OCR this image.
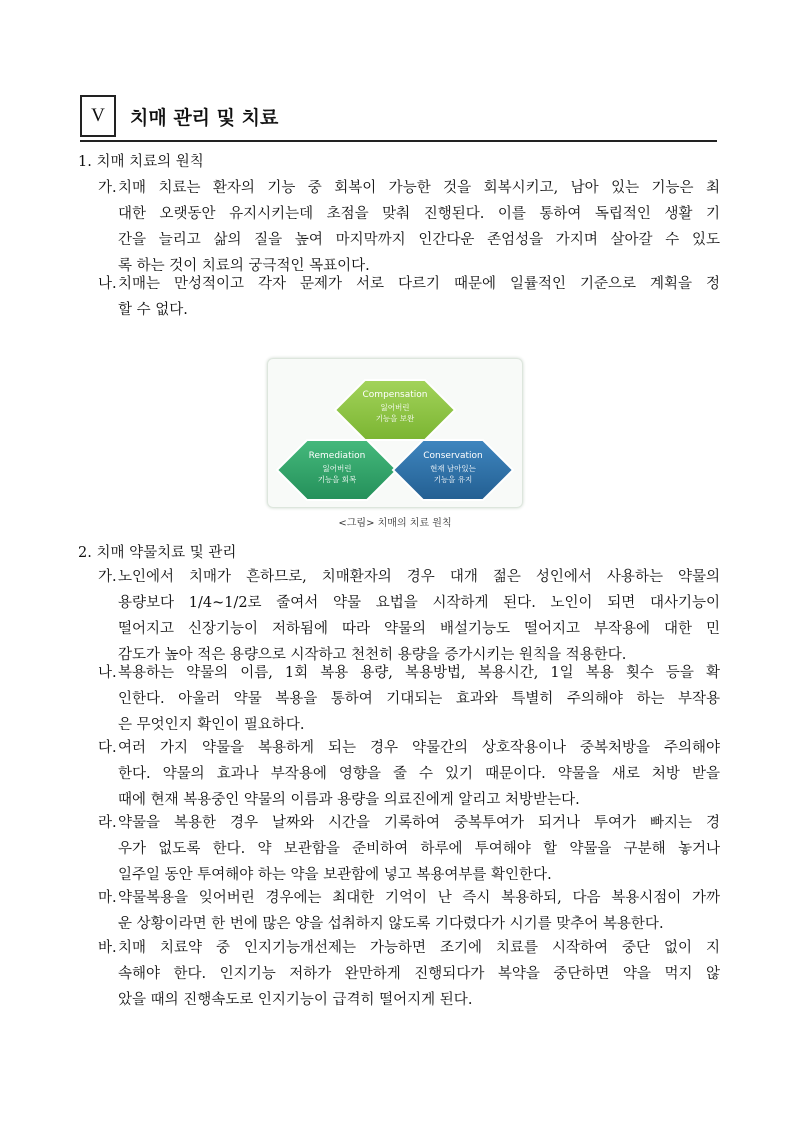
V	치매 관리 및 치료
1. 치매 치료의 원칙
가.치매 치료는 환자의 기능 중 회복이 가능한 것을 회복시키고, 남아 있는 기능은 최
대한 오랫동안 유지시키는데 초점을 맞춰 진행된다. 이를 통하여 독립적인 생활 기
간을 늘리고 삶의 질을 높여 마지막까지 인간다운 존엄성을 가지며 살아갈 수 있도
록 하는 것이 치료의 궁극적인 목표이다.
나.치매는 만성적이고 각자 문제가 서로 다르기 때문에 일률적인 기준으로 계획을 정
할 수 없다.
Compensation
잃어버린
기능을 보완
Remediation
잃어버린
기능을 회복
Conservation
현재 남아있는
기능을 유지
<그림> 치매의 치료 원칙
2. 치매 약물치료 및 관리
가.노인에서 치매가 흔하므로, 치매환자의 경우 대개 젊은 성인에서 사용하는 약물의
용량보다 1/4~1/2로 줄여서 약물 요법을 시작하게 된다. 노인이 되면 대사기능이
떨어지고 신장기능이 저하됨에 따라 약물의 배설기능도 떨어지고 부작용에 대한 민
감도가 높아 적은 용량으로 시작하고 천천히 용량을 증가시키는 원칙을 적용한다.
나.복용하는 약물의 이름, 1회 복용 용량, 복용방법, 복용시간, 1일 복용 횟수 등을 확
인한다. 아울러 약물 복용을 통하여 기대되는 효과와 특별히 주의해야 하는 부작용
은 무엇인지 확인이 필요하다.
다.여러 가지 약물을 복용하게 되는 경우 약물간의 상호작용이나 중복처방을 주의해야
한다. 약물의 효과나 부작용에 영향을 줄 수 있기 때문이다. 약물을 새로 처방 받을
때에 현재 복용중인 약물의 이름과 용량을 의료진에게 알리고 처방받는다.
라.약물을 복용한 경우 날짜와 시간을 기록하여 중복투여가 되거나 투여가 빠지는 경
우가 없도록 한다. 약 보관함을 준비하여 하루에 투여해야 할 약물을 구분해 놓거나
일주일 동안 투여해야 하는 약을 보관함에 넣고 복용여부를 확인한다.
마.약물복용을 잊어버린 경우에는 최대한 기억이 난 즉시 복용하되, 다음 복용시점이 가까
운 상황이라면 한 번에 많은 양을 섭취하지 않도록 기다렸다가 시기를 맞추어 복용한다.
바.치매 치료약 중 인지기능개선제는 가능하면 조기에 치료를 시작하여 중단 없이 지
속해야 한다. 인지기능 저하가 완만하게 진행되다가 복약을 중단하면 약을 먹지 않
았을 때의 진행속도로 인지기능이 급격히 떨어지게 된다.
